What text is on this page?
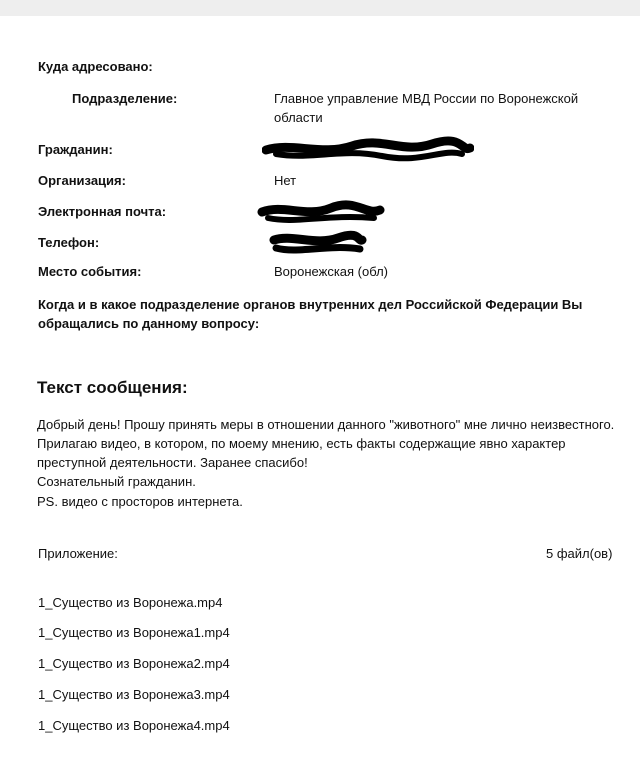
Куда адресовано:
Подразделение:	Главное управление МВД России по Воронежской
области
Гражданин:
Организация:	Нет
Электронная почта:
Телефон:
Место события:	Воронежская (обл)
Когда и в какое подразделение органов внутренних дел Российской Федерации Вы
обращались по данному вопросу:
Текст сообщения:
Добрый день! Прошу принять меры в отношении данного "животного" мне лично неизвестного.
Прилагаю видео, в котором, по моему мнению, есть факты содержащие явно характер
преступной деятельности. Заранее спасибо!
Сознательный гражданин.
PS. видео с просторов интернета.
Приложение:	5 файл(ов)
1_Существо из Воронежа.mp4
1_Существо из Воронежа1.mp4
1_Существо из Воронежа2.mp4
1_Существо из Воронежа3.mp4
1_Существо из Воронежа4.mp4
